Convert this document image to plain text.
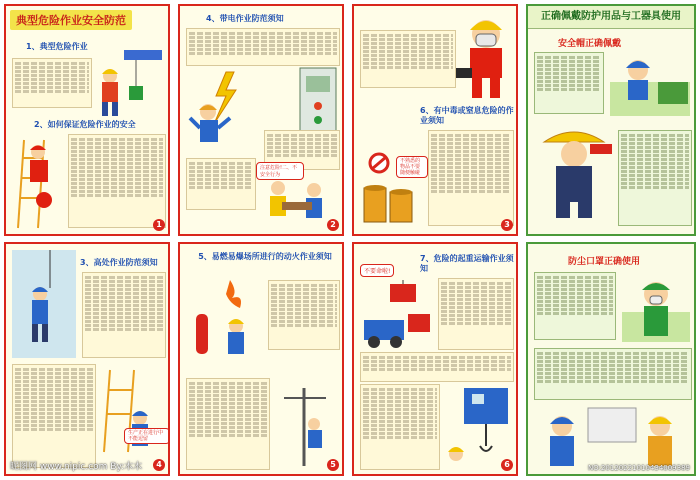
典型危险作业安全防范
1、典型危险作业
2、如何保证危险作业的安全
1
4、带电作业防范须知
注意危险!二、不安全行为
2
6、有中毒或窒息危险的作业须知
不熟悉的物品不要随便触碰
3
正确佩戴防护用品与工器具使用
安全帽正确佩戴
3、高处作业防范须知
生产正在进行中不能逗留
4
昵图网 www.nipic.com By:木木
5、易燃易爆场所进行的动火作业须知
5
不要命啦!
7、危险的起重运输作业须知
6
防尘口罩正确使用
NO:20120221010434009389
